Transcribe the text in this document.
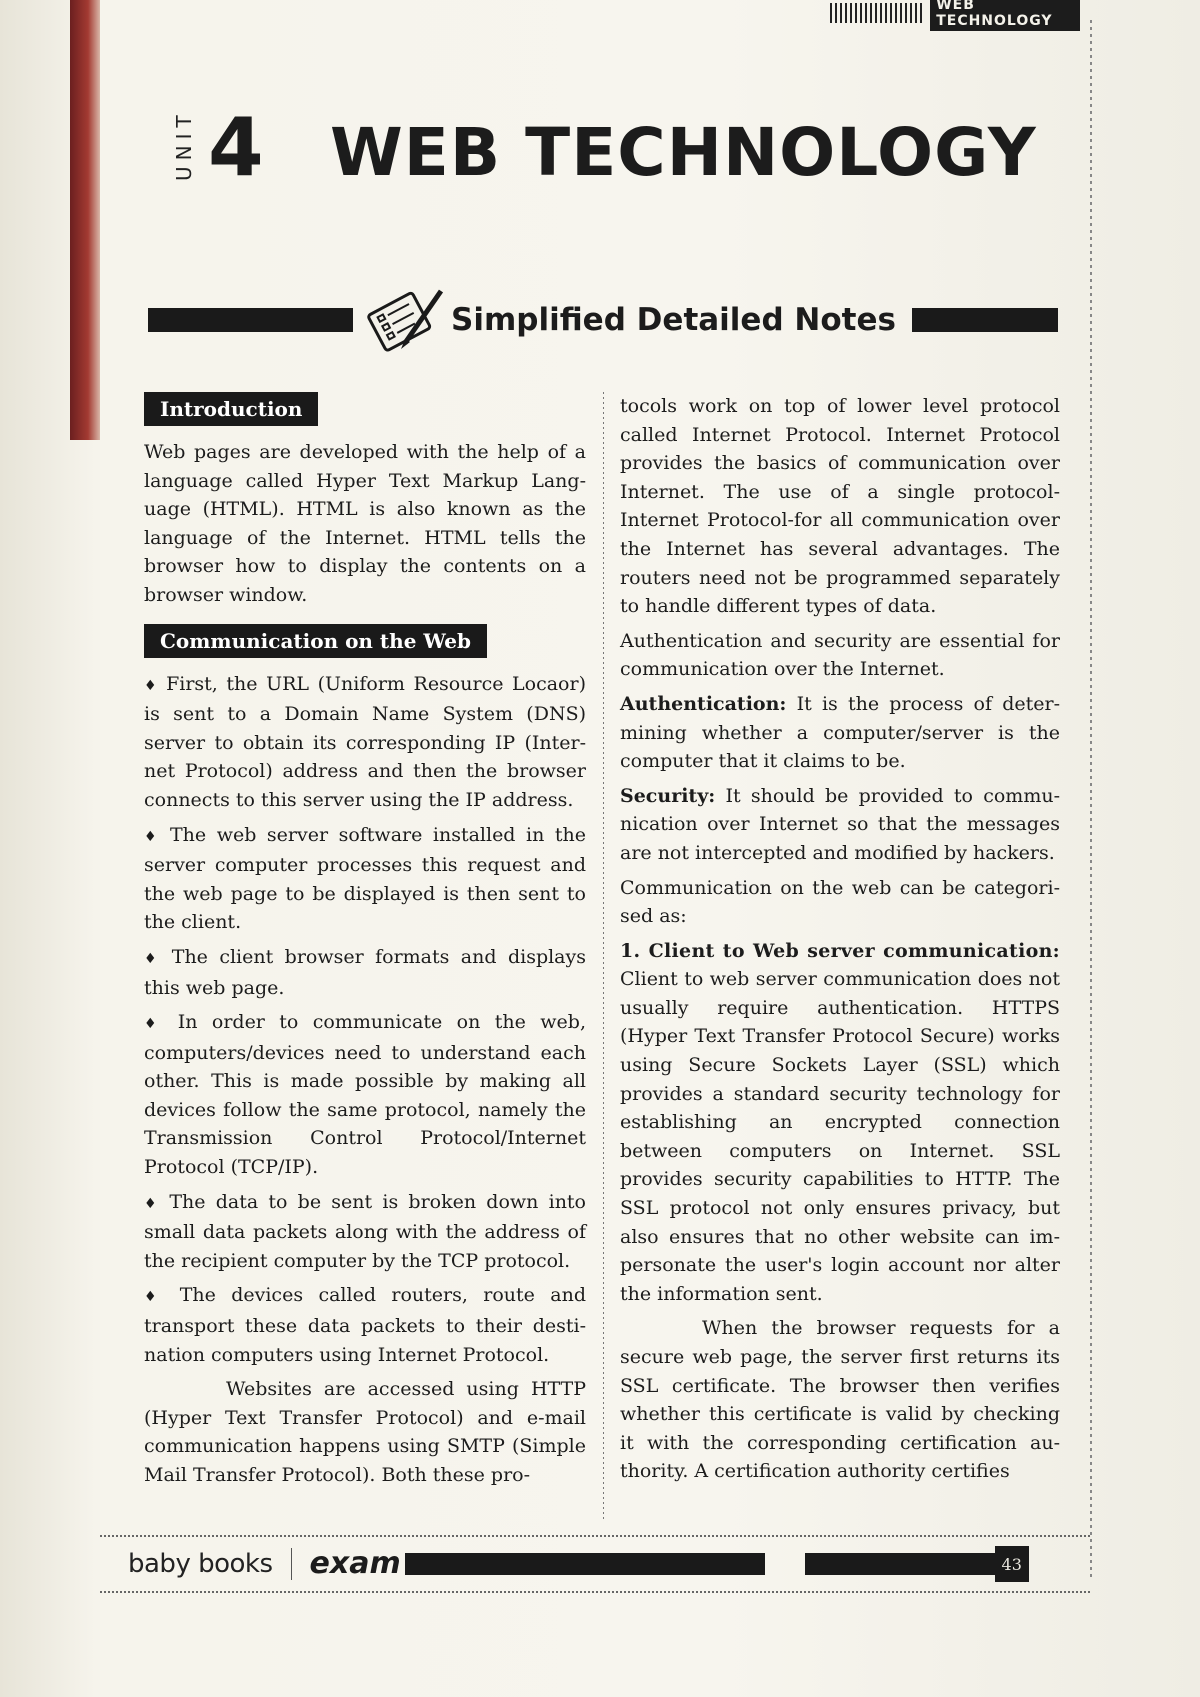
WEB TECHNOLOGY
UNIT 4 WEB TECHNOLOGY
Simplified Detailed Notes
Introduction

Web pages are developed with the help of a language called Hyper Text Markup Language (HTML). HTML is also known as the language of the Internet. HTML tells the browser how to display the contents on a browser window.

Communication on the Web

♦ First, the URL (Uniform Resource Locaor) is sent to a Domain Name System (DNS) server to obtain its corresponding IP (Internet Protocol) address and then the browser connects to this server using the IP address.

♦ The web server software installed in the server computer processes this request and the web page to be displayed is then sent to the client.

♦ The client browser formats and displays this web page.

♦ In order to communicate on the web, computers/devices need to understand each other. This is made possible by making all devices follow the same protocol, namely the Transmission Control Protocol/Internet Protocol (TCP/IP).

♦ The data to be sent is broken down into small data packets along with the address of the recipient computer by the TCP protocol.

♦ The devices called routers, route and transport these data packets to their destination computers using Internet Protocol.

Websites are accessed using HTTP (Hyper Text Transfer Protocol) and e-mail communication happens using SMTP (Simple Mail Transfer Protocol). Both these pro-

tocols work on top of lower level protocol called Internet Protocol. Internet Protocol provides the basics of communication over Internet. The use of a single protocol-Internet Protocol-for all communication over the Internet has several advantages. The routers need not be programmed separately to handle different types of data.

Authentication and security are essential for communication over the Internet.

Authentication: It is the process of determining whether a computer/server is the computer that it claims to be.

Security: It should be provided to communication over Internet so that the messages are not intercepted and modified by hackers.

Communication on the web can be categorised as:

1. Client to Web server communication: Client to web server communication does not usually require authentication. HTTPS (Hyper Text Transfer Protocol Secure) works using Secure Sockets Layer (SSL) which provides a standard security technology for establishing an encrypted connection between computers on Internet. SSL provides security capabilities to HTTP. The SSL protocol not only ensures privacy, but also ensures that no other website can impersonate the user's login account nor alter the information sent.

When the browser requests for a secure web page, the server first returns its SSL certificate. The browser then verifies whether this certificate is valid by checking it with the corresponding certification authority. A certification authority certifies

baby books exam	43
